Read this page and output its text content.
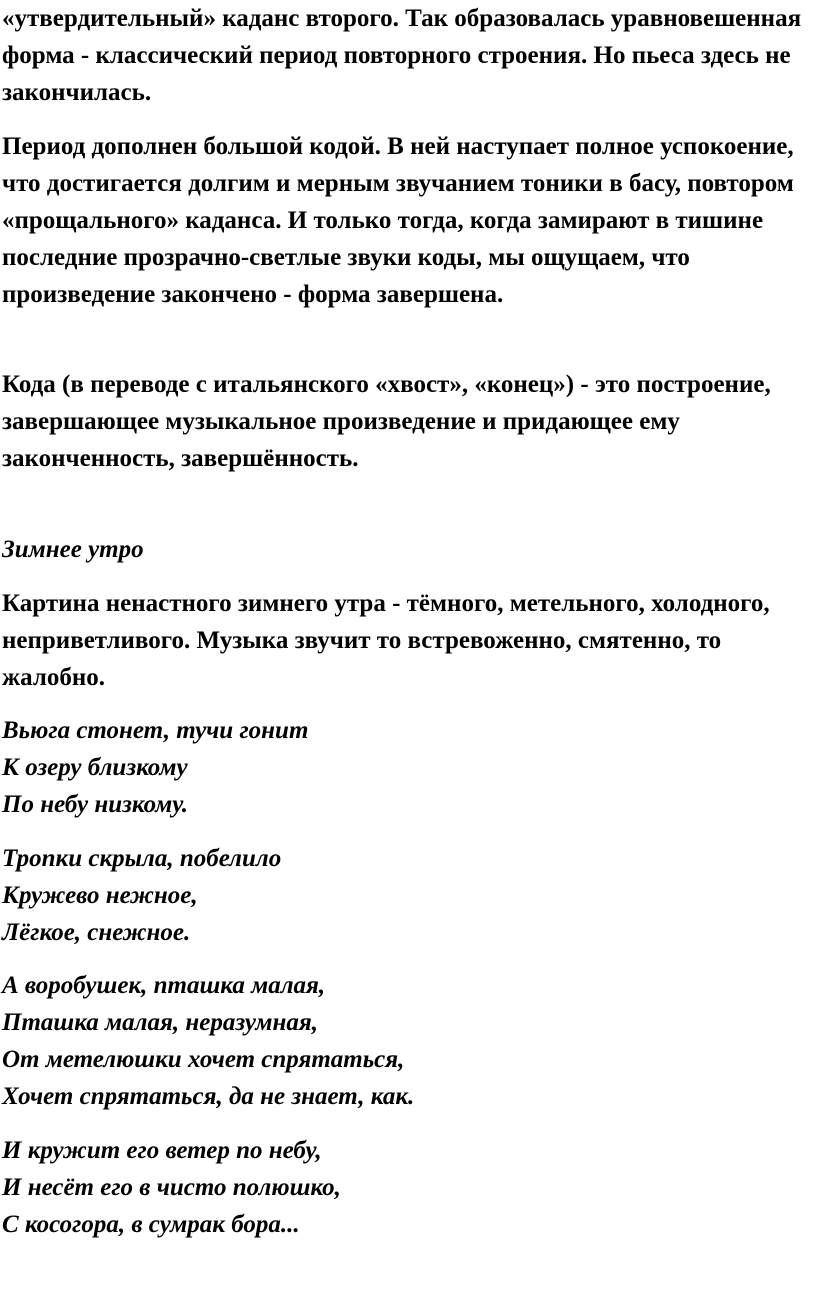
«утвердительный» каданс второго. Так образовалась уравновешенная форма - классический период повторного строения. Но пьеса здесь не закончилась.

Период дополнен большой кодой. В ней наступает полное успокоение, что достигается долгим и мерным звучанием тоники в басу, повтором «прощального» каданса. И только тогда, когда замирают в тишине последние прозрачно-светлые звуки коды, мы ощущаем, что произведение закончено - форма завершена.

Кода (в переводе с итальянского «хвост», «конец») - это построение, завершающее музыкальное произведение и придающее ему законченность, завершённость.

Зимнее утро

Картина ненастного зимнего утра - тёмного, метельного, холодного, неприветливого. Музыка звучит то встревоженно, смятенно, то жалобно.

Вьюга стонет, тучи гонит
К озеру близкому
По небу низкому.
Тропки скрыла, побелило
Кружево нежное,
Лёгкое, снежное.
А воробушек, пташка малая,
Пташка малая, неразумная,
От метелюшки хочет спрятаться,
Хочет спрятаться, да не знает, как.
И кружит его ветер по небу,
И несёт его в чисто полюшко,
С косогора, в сумрак бора...
